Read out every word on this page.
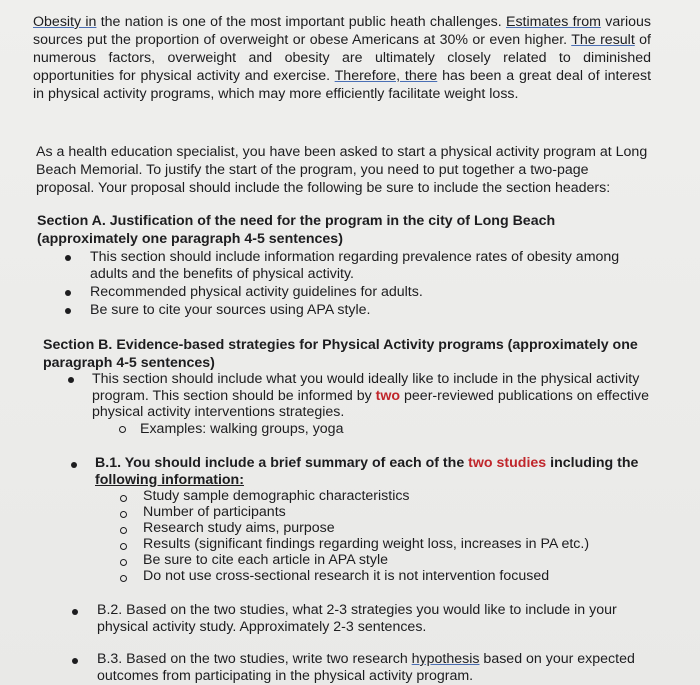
Obesity in the nation is one of the most important public heath challenges. Estimates from various sources put the proportion of overweight or obese Americans at 30% or even higher. The result of numerous factors, overweight and obesity are ultimately closely related to diminished opportunities for physical activity and exercise. Therefore, there has been a great deal of interest in physical activity programs, which may more efficiently facilitate weight loss.

As a health education specialist, you have been asked to start a physical activity program at Long Beach Memorial. To justify the start of the program, you need to put together a two-page proposal. Your proposal should include the following be sure to include the section headers:

Section A. Justification of the need for the program in the city of Long Beach (approximately one paragraph 4-5 sentences)

This section should include information regarding prevalence rates of obesity among adults and the benefits of physical activity.

Recommended physical activity guidelines for adults.

Be sure to cite your sources using APA style.

Section B. Evidence-based strategies for Physical Activity programs (approximately one paragraph 4-5 sentences)

This section should include what you would ideally like to include in the physical activity program. This section should be informed by two peer-reviewed publications on effective physical activity interventions strategies.

Examples: walking groups, yoga

B.1. You should include a brief summary of each of the two studies including the
following information:

Study sample demographic characteristics

Number of participants

Research study aims, purpose

Results (significant findings regarding weight loss, increases in PA etc.)

Be sure to cite each article in APA style

Do not use cross-sectional research it is not intervention focused

B.2. Based on the two studies, what 2-3 strategies you would like to include in your physical activity study. Approximately 2-3 sentences.

B.3. Based on the two studies, write two research hypothesis based on your expected outcomes from participating in the physical activity program.
